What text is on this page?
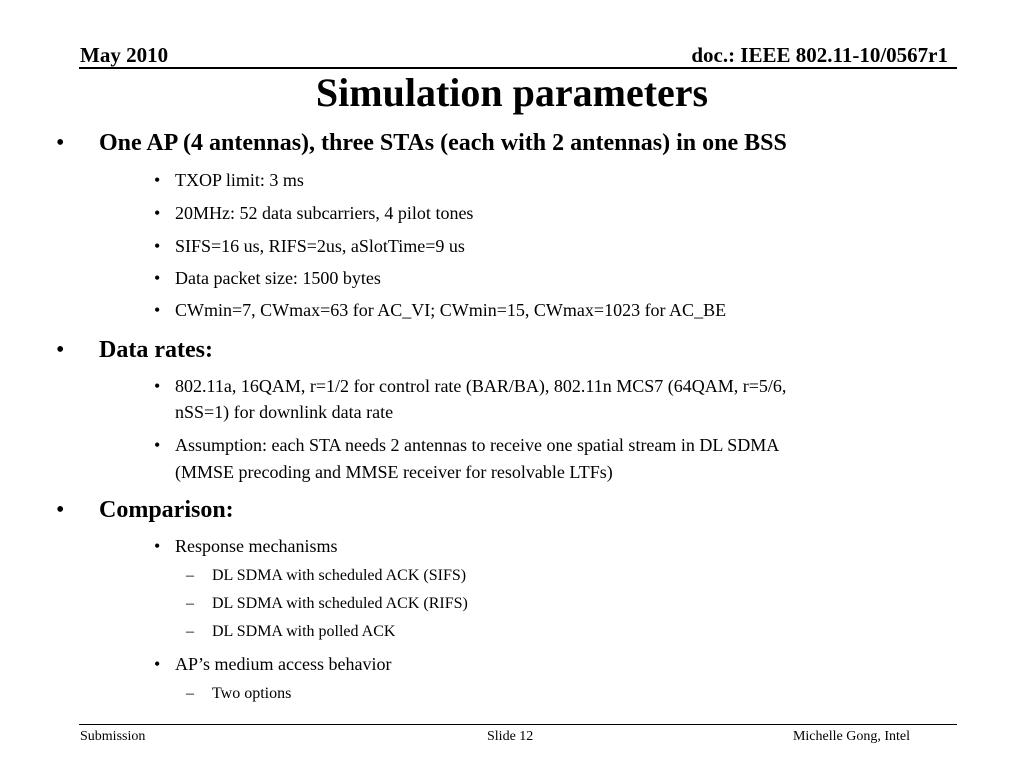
May 2010	doc.: IEEE 802.11-10/0567r1
Simulation parameters
• One AP (4 antennas), three STAs (each with 2 antennas) in one BSS
• TXOP limit: 3 ms
• 20MHz: 52 data subcarriers, 4 pilot tones
• SIFS=16 us, RIFS=2us, aSlotTime=9 us
• Data packet size: 1500 bytes
• CWmin=7, CWmax=63 for AC_VI; CWmin=15, CWmax=1023 for AC_BE
• Data rates:
• 802.11a, 16QAM, r=1/2 for control rate (BAR/BA), 802.11n MCS7 (64QAM, r=5/6,
nSS=1) for downlink data rate
• Assumption: each STA needs 2 antennas to receive one spatial stream in DL SDMA
(MMSE precoding and MMSE receiver for resolvable LTFs)
• Comparison:
• Response mechanisms
– DL SDMA with scheduled ACK (SIFS)
– DL SDMA with scheduled ACK (RIFS)
– DL SDMA with polled ACK
• AP’s medium access behavior
– Two options
Submission	Slide 12	Michelle Gong, Intel
